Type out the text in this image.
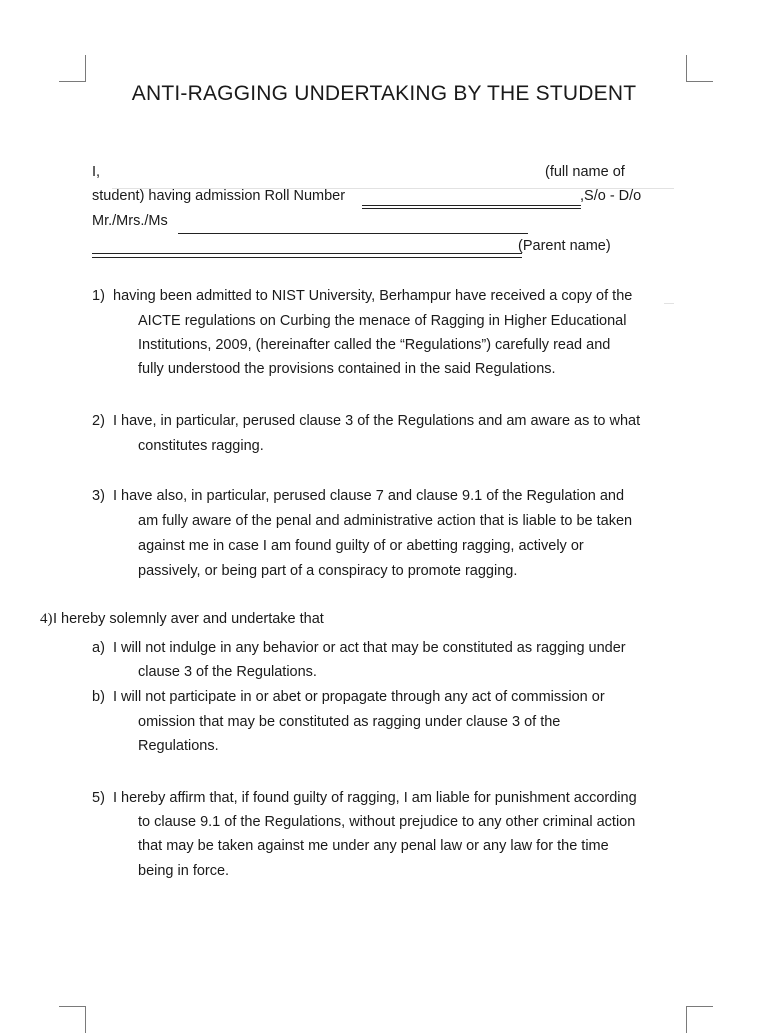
ANTI-RAGGING UNDERTAKING BY THE STUDENT
I,	(full name of
student) having admission Roll Number	,S/o - D/o
Mr./Mrs./Ms
(Parent name)
1) having been admitted to NIST University, Berhampur have received a copy of the
AICTE regulations on Curbing the menace of Ragging in Higher Educational
Institutions, 2009, (hereinafter called the “Regulations”) carefully read and
fully understood the provisions contained in the said Regulations.
2) I have, in particular, perused clause 3 of the Regulations and am aware as to what
constitutes ragging.
3) I have also, in particular, perused clause 7 and clause 9.1 of the Regulation and
am fully aware of the penal and administrative action that is liable to be taken
against me in case I am found guilty of or abetting ragging, actively or
passively, or being part of a conspiracy to promote ragging.
4) I hereby solemnly aver and undertake that
a) I will not indulge in any behavior or act that may be constituted as ragging under
clause 3 of the Regulations.
b) I will not participate in or abet or propagate through any act of commission or
omission that may be constituted as ragging under clause 3 of the
Regulations.
5) I hereby affirm that, if found guilty of ragging, I am liable for punishment according
to clause 9.1 of the Regulations, without prejudice to any other criminal action
that may be taken against me under any penal law or any law for the time
being in force.
